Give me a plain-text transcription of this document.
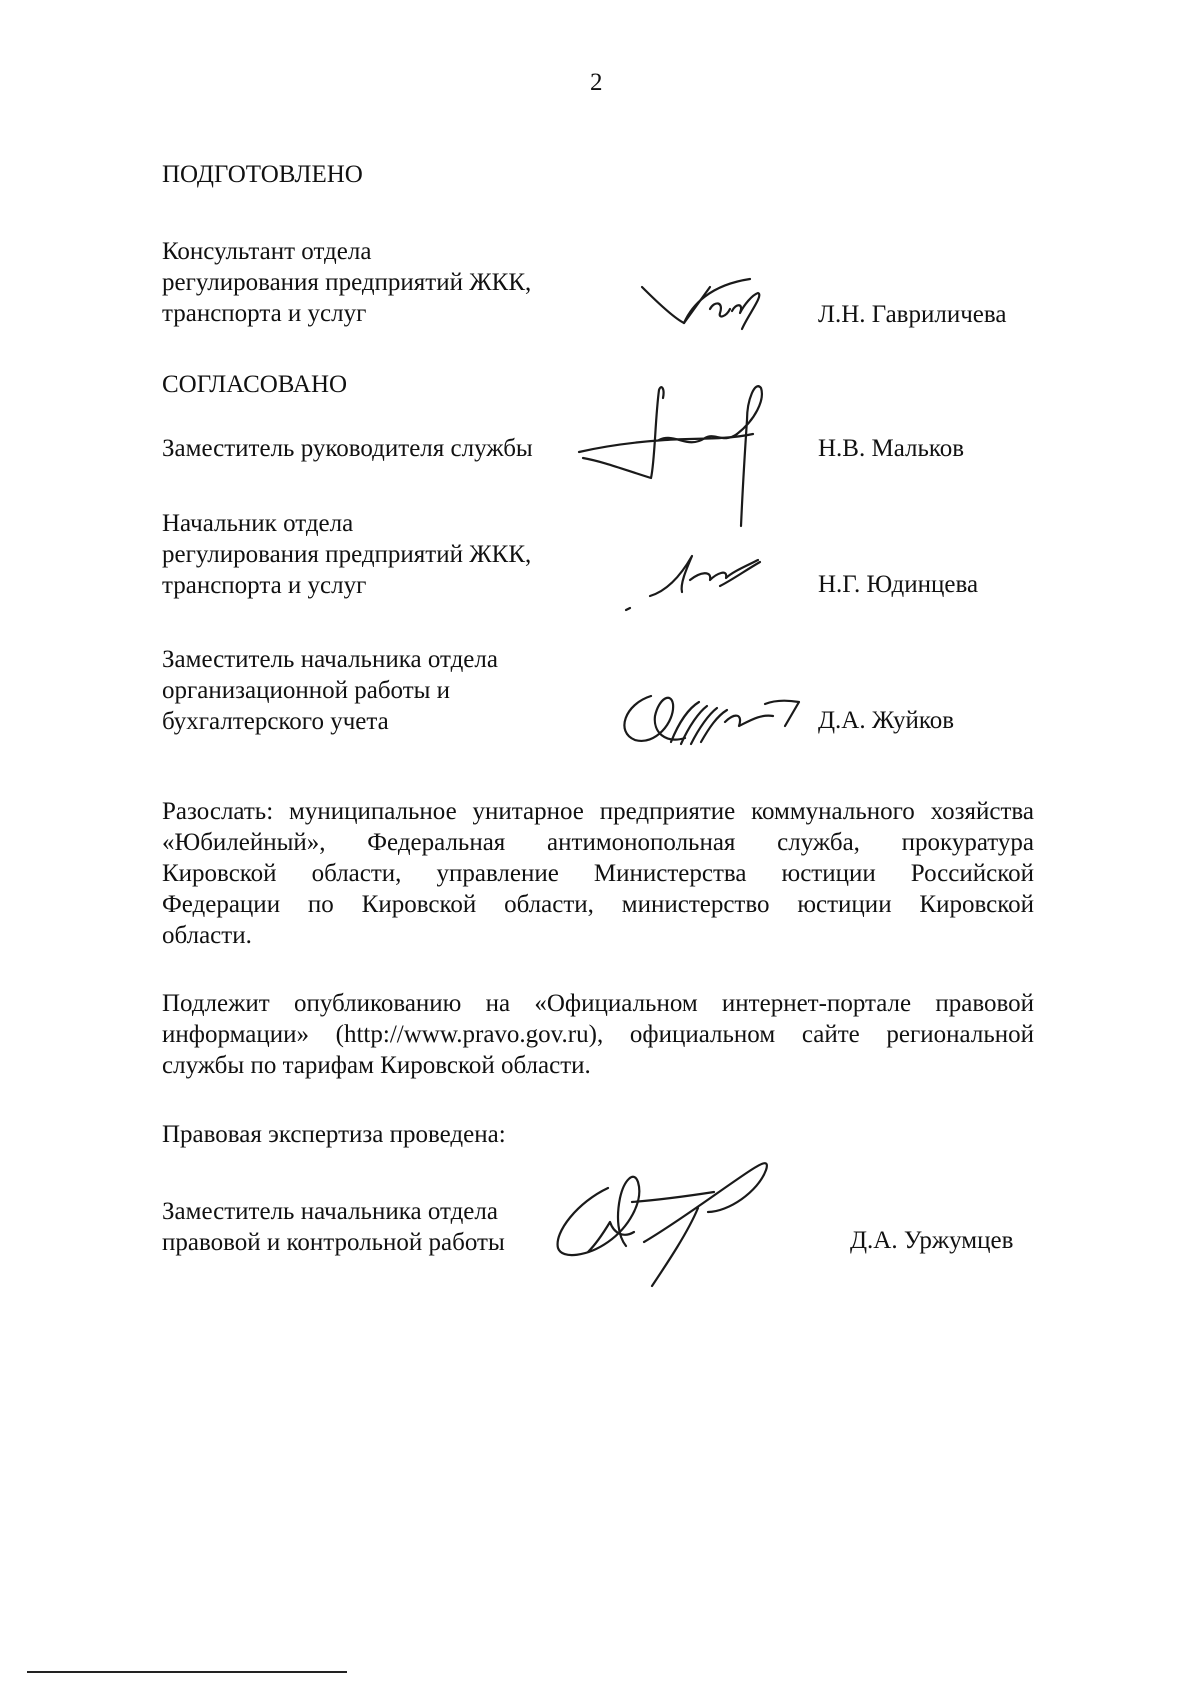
2
ПОДГОТОВЛЕНО
Консультант отдела
регулирования предприятий ЖКК,
транспорта и услуг	Л.Н. Гавриличева
СОГЛАСОВАНО
Заместитель руководителя службы	Н.В. Мальков
Начальник отдела
регулирования предприятий ЖКК,
транспорта и услуг	Н.Г. Юдинцева
Заместитель начальника отдела
организационной работы и
бухгалтерского учета	Д.А. Жуйков
Разослать: муниципальное унитарное предприятие коммунального хозяйства
«Юбилейный», Федеральная антимонопольная служба, прокуратура
Кировской области, управление Министерства юстиции Российской
Федерации по Кировской области, министерство юстиции Кировской
области.
Подлежит опубликованию на «Официальном интернет-портале правовой
информации» (http://www.pravo.gov.ru), официальном сайте региональной
службы по тарифам Кировской области.
Правовая экспертиза проведена:
Заместитель начальника отдела
правовой и контрольной работы	Д.А. Уржумцев
